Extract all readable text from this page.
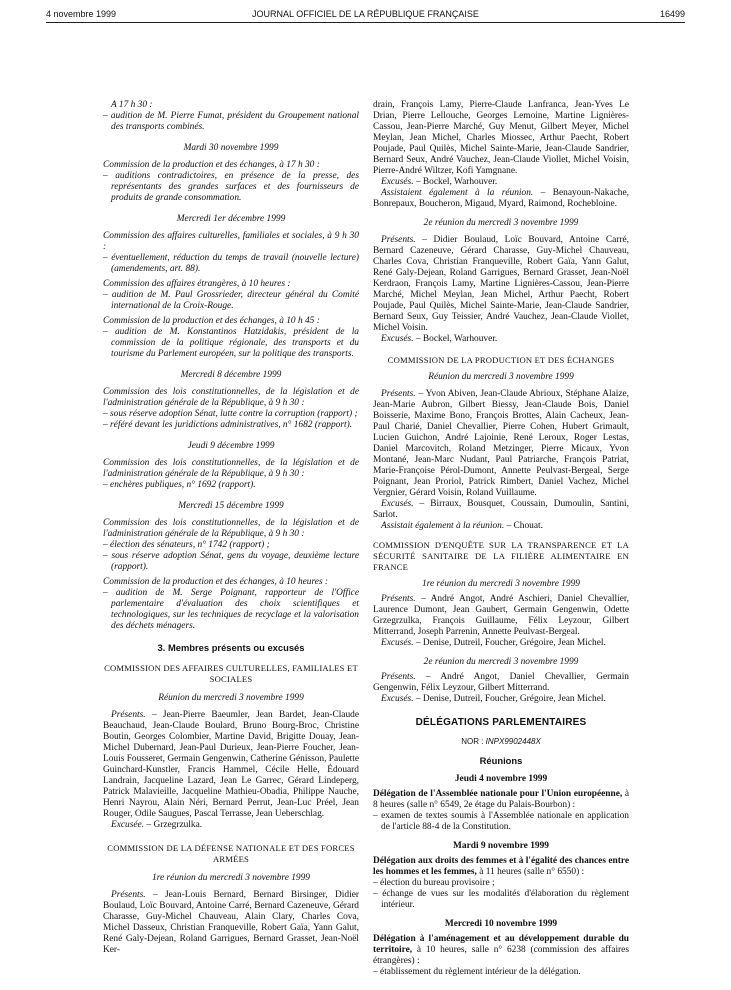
4 novembre 1999	JOURNAL OFFICIEL DE LA RÉPUBLIQUE FRANÇAISE	16499

A 17 h 30 :

– audition de M. Pierre Fumat, président du Groupement national des transports combinés.

Mardi 30 novembre 1999

Commission de la production et des échanges, à 17 h 30 :

– auditions contradictoires, en présence de la presse, des représentants des grandes surfaces et des fournisseurs de produits de grande consommation.

Mercredi 1er décembre 1999

Commission des affaires culturelles, familiales et sociales, à 9 h 30 :

– éventuellement, réduction du temps de travail (nouvelle lecture) (amendements, art. 88).

Commission des affaires étrangères, à 10 heures :

– audition de M. Paul Grossrieder, directeur général du Comité international de la Croix-Rouge.

Commission de la production et des échanges, à 10 h 45 :

– audition de M. Konstantinos Hatzidakis, président de la commission de la politique régionale, des transports et du tourisme du Parlement européen, sur la politique des transports.

Mercredi 8 décembre 1999

Commission des lois constitutionnelles, de la législation et de l'administration générale de la République, à 9 h 30 :

– sous réserve adoption Sénat, lutte contre la corruption (rapport) ;

– référé devant les juridictions administratives, n° 1682 (rapport).

Jeudi 9 décembre 1999

Commission des lois constitutionnelles, de la législation et de l'administration générale de la République, à 9 h 30 :

– enchères publiques, n° 1692 (rapport).

Mercredi 15 décembre 1999

Commission des lois constitutionnelles, de la législation et de l'administration générale de la République, à 9 h 30 :

– élection des sénateurs, n° 1742 (rapport) ;

– sous réserve adoption Sénat, gens du voyage, deuxième lecture (rapport).

Commission de la production et des échanges, à 10 heures :

– audition de M. Serge Poignant, rapporteur de l'Office parlementaire d'évaluation des choix scientifiques et technologiques, sur les techniques de recyclage et la valorisation des déchets ménagers.

3. Membres présents ou excusés

COMMISSION DES AFFAIRES CULTURELLES, FAMILIALES ET SOCIALES

Réunion du mercredi 3 novembre 1999

Présents. – Jean-Pierre Baeumler, Jean Bardet, Jean-Claude Beauchaud, Jean-Claude Boulard, Bruno Bourg-Broc, Christine Boutin, Georges Colombier, Martine David, Brigitte Douay, Jean-Michel Dubernard, Jean-Paul Durieux, Jean-Pierre Foucher, Jean-Louis Fousseret, Germain Gengenwin, Catherine Génisson, Paulette Guinchard-Kunstler, Francis Hammel, Cécile Helle, Édouard Landrain, Jacqueline Lazard, Jean Le Garrec, Gérard Lindeperg, Patrick Malavieille, Jacqueline Mathieu-Obadia, Philippe Nauche, Henri Nayrou, Alain Néri, Bernard Perrut, Jean-Luc Préel, Jean Rouger, Odile Saugues, Pascal Terrasse, Jean Ueberschlag.

Excusée. – Grzegrzulka.

COMMISSION DE LA DÉFENSE NATIONALE ET DES FORCES ARMÉES

1re réunion du mercredi 3 novembre 1999

Présents. – Jean-Louis Bernard, Bernard Birsinger, Didier Boulaud, Loïc Bouvard, Antoine Carré, Bernard Cazeneuve, Gérard Charasse, Guy-Michel Chauveau, Alain Clary, Charles Cova, Michel Dasseux, Christian Franqueville, Robert Gaïa, Yann Galut, René Galy-Dejean, Roland Garrigues, Bernard Grasset, Jean-Noël Ker-

drain, François Lamy, Pierre-Claude Lanfranca, Jean-Yves Le Drian, Pierre Lellouche, Georges Lemoine, Martine Lignières-Cassou, Jean-Pierre Marché, Guy Menut, Gilbert Meyer, Michel Meylan, Jean Michel, Charles Miossec, Arthur Paecht, Robert Poujade, Paul Quilès, Michel Sainte-Marie, Jean-Claude Sandrier, Bernard Seux, André Vauchez, Jean-Claude Viollet, Michel Voisin, Pierre-André Wiltzer, Kofi Yamgnane.

Excusés. – Bockel, Warhouver.

Assistaient également à la réunion. – Benayoun-Nakache, Bonrepaux, Boucheron, Migaud, Myard, Raimond, Rochebloine.

2e réunion du mercredi 3 novembre 1999

Présents. – Didier Boulaud, Loïc Bouvard, Antoine Carré, Bernard Cazeneuve, Gérard Charasse, Guy-Michel Chauveau, Charles Cova, Christian Franqueville, Robert Gaïa, Yann Galut, René Galy-Dejean, Roland Garrigues, Bernard Grasset, Jean-Noël Kerdraon, François Lamy, Martine Lignières-Cassou, Jean-Pierre Marché, Michel Meylan, Jean Michel, Arthur Paecht, Robert Poujade, Paul Quilès, Michel Sainte-Marie, Jean-Claude Sandrier, Bernard Seux, Guy Teissier, André Vauchez, Jean-Claude Viollet, Michel Voisin.

Excusés. – Bockel, Warhouver.

COMMISSION DE LA PRODUCTION ET DES ÉCHANGES

Réunion du mercredi 3 novembre 1999

Présents. – Yvon Abiven, Jean-Claude Abrioux, Stéphane Alaize, Jean-Marie Aubron, Gilbert Biessy, Jean-Claude Bois, Daniel Boisserie, Maxime Bono, François Brottes, Alain Cacheux, Jean-Paul Charié, Daniel Chevallier, Pierre Cohen, Hubert Grimault, Lucien Guichon, André Lajoinie, René Leroux, Roger Lestas, Daniel Marcovitch, Roland Metzinger, Pierre Micaux, Yvon Montané, Jean-Marc Nudant, Paul Patriarche, François Patriat, Marie-Françoise Pérol-Dumont, Annette Peulvast-Bergeal, Serge Poignant, Jean Proriol, Patrick Rimbert, Daniel Vachez, Michel Vergnier, Gérard Voisin, Roland Vuillaume.

Excusés. – Birraux, Bousquet, Coussain, Dumoulin, Santini, Sarlot.

Assistait également à la réunion. – Chouat.

COMMISSION D'ENQUÊTE SUR LA TRANSPARENCE ET LA SÉCURITÉ SANITAIRE DE LA FILIÈRE ALIMENTAIRE EN FRANCE

1re réunion du mercredi 3 novembre 1999

Présents. – André Angot, André Aschieri, Daniel Chevallier, Laurence Dumont, Jean Gaubert, Germain Gengenwin, Odette Grzegrzulka, François Guillaume, Félix Leyzour, Gilbert Mitterrand, Joseph Parrenin, Annette Peulvast-Bergeal.

Excusés. – Denise, Dutreil, Foucher, Grégoire, Jean Michel.

2e réunion du mercredi 3 novembre 1999

Présents. – André Angot, Daniel Chevallier, Germain Gengenwin, Félix Leyzour, Gilbert Mitterrand.

Excusés. – Denise, Dutreil, Foucher, Grégoire, Jean Michel.

DÉLÉGATIONS PARLEMENTAIRES

NOR : INPX9902448X

Réunions

Jeudi 4 novembre 1999

Délégation de l'Assemblée nationale pour l'Union européenne, à 8 heures (salle n° 6549, 2e étage du Palais-Bourbon) :

– examen de textes soumis à l'Assemblée nationale en application de l'article 88-4 de la Constitution.

Mardi 9 novembre 1999

Délégation aux droits des femmes et à l'égalité des chances entre les hommes et les femmes, à 11 heures (salle n° 6550) :

– élection du bureau provisoire ;

– échange de vues sur les modalités d'élaboration du règlement intérieur.

Mercredi 10 novembre 1999

Délégation à l'aménagement et au développement durable du territoire, à 10 heures, salle n° 6238 (commission des affaires étrangères) :

– établissement du règlement intérieur de la délégation.
